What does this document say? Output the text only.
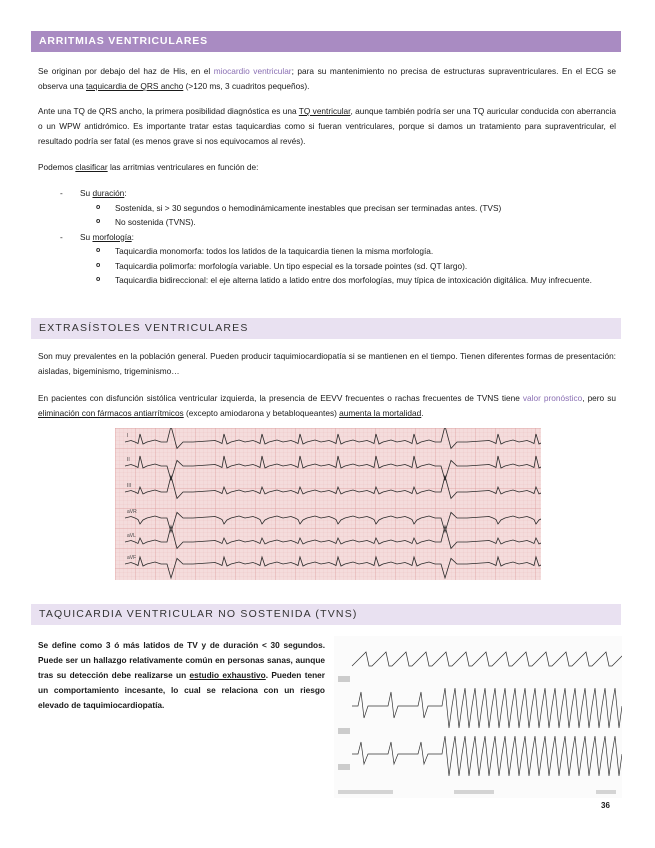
ARRITMIAS VENTRICULARES
Se originan por debajo del haz de His, en el miocardio ventricular; para su mantenimiento no precisa de estructuras supraventriculares. En el ECG se observa una taquicardia de QRS ancho (>120 ms, 3 cuadritos pequeños).
Ante una TQ de QRS ancho, la primera posibilidad diagnóstica es una TQ ventricular, aunque también podría ser una TQ auricular conducida con aberrancia o un WPW antidrómico. Es importante tratar estas taquicardias como si fueran ventriculares, porque si damos un tratamiento para supraventricular, el resultado podría ser fatal (es menos grave si nos equivocamos al revés).
Podemos clasificar las arritmias ventriculares en función de:
- Su duración:
o Sostenida, si > 30 segundos o hemodinámicamente inestables que precisan ser terminadas antes. (TVS)
o No sostenida (TVNS).
- Su morfología:
o Taquicardia monomorfa: todos los latidos de la taquicardia tienen la misma morfología.
o Taquicardia polimorfa: morfología variable. Un tipo especial es la torsade pointes (sd. QT largo).
o Taquicardia bidireccional: el eje alterna latido a latido entre dos morfologías, muy típica de intoxicación digitálica. Muy infrecuente.
EXTRASÍSTOLES VENTRICULARES
Son muy prevalentes en la población general. Pueden producir taquimiocardiopatía si se mantienen en el tiempo. Tienen diferentes formas de presentación: aisladas, bigeminismo, trigeminismo…
En pacientes con disfunción sistólica ventricular izquierda, la presencia de EEVV frecuentes o rachas frecuentes de TVNS tiene valor pronóstico, pero su eliminación con fármacos antiarrítmicos (excepto amiodarona y betabloqueantes) aumenta la mortalidad.
I
II
III
aVR
aVL
aVF
TAQUICARDIA VENTRICULAR NO SOSTENIDA (TVNS)
Se define como 3 ó más latidos de TV y de duración < 30 segundos. Puede ser un hallazgo relativamente común en personas sanas, aunque tras su detección debe realizarse un estudio exhaustivo. Pueden tener un comportamiento incesante, lo cual se relaciona con un riesgo elevado de taquimiocardiopatía.
36
